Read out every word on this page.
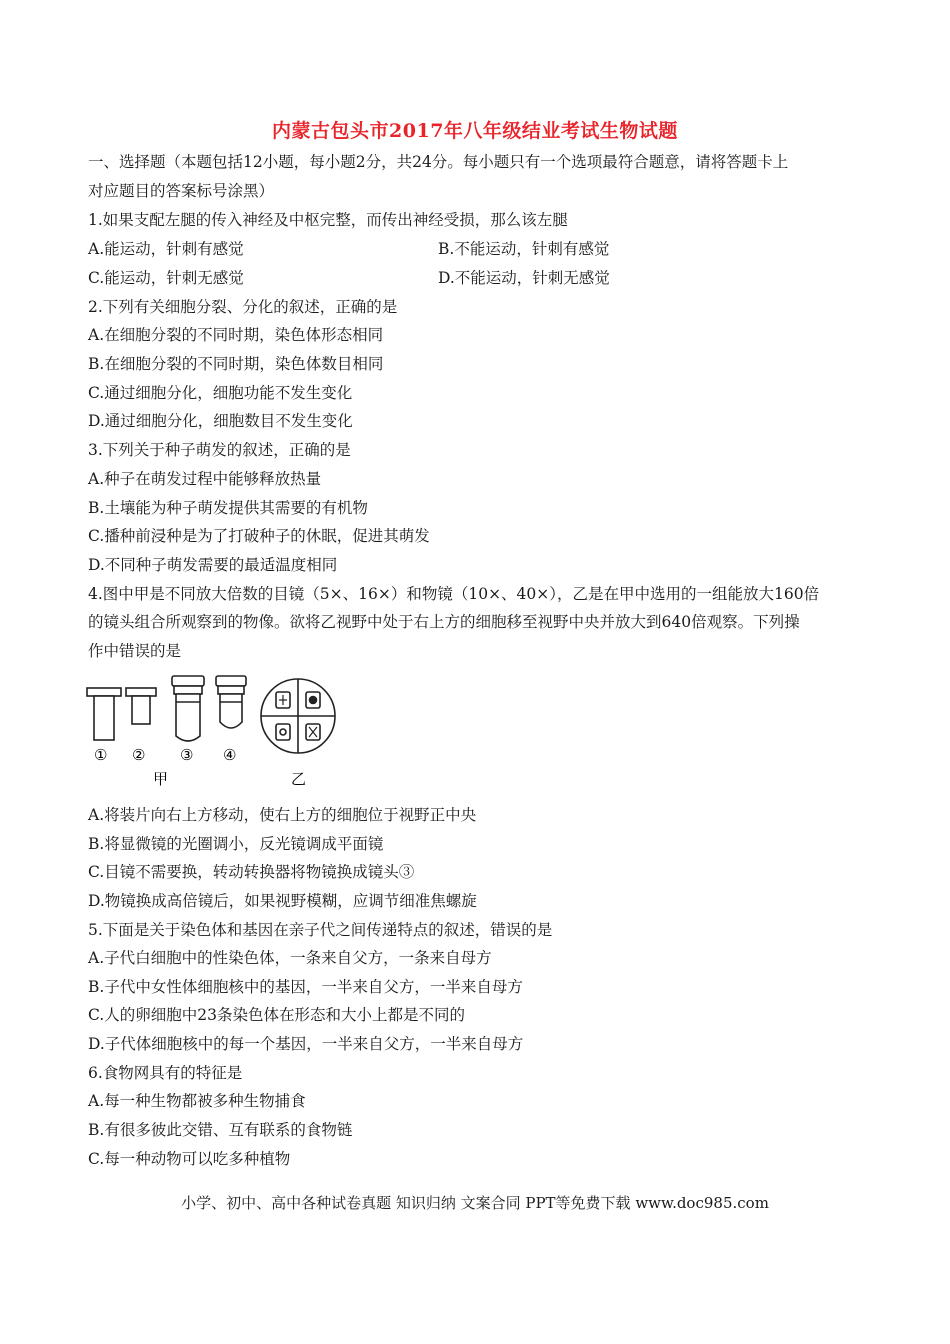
内蒙古包头市2017年八年级结业考试生物试题
一、选择题（本题包括12小题，每小题2分，共24分。每小题只有一个选项最符合题意，请将答题卡上
对应题目的答案标号涂黑）
1.如果支配左腿的传入神经及中枢完整，而传出神经受损，那么该左腿
A.能运动，针刺有感觉	B.不能运动，针刺有感觉
C.能运动，针刺无感觉	D.不能运动，针刺无感觉
2.下列有关细胞分裂、分化的叙述，正确的是
A.在细胞分裂的不同时期，染色体形态相同
B.在细胞分裂的不同时期，染色体数目相同
C.通过细胞分化，细胞功能不发生变化
D.通过细胞分化，细胞数目不发生变化
3.下列关于种子萌发的叙述，正确的是
A.种子在萌发过程中能够释放热量
B.土壤能为种子萌发提供其需要的有机物
C.播种前浸种是为了打破种子的休眠，促进其萌发
D.不同种子萌发需要的最适温度相同
4.图中甲是不同放大倍数的目镜（5×、16×）和物镜（10×、40×），乙是在甲中选用的一组能放大160倍
的镜头组合所观察到的物像。欲将乙视野中处于右上方的细胞移至视野中央并放大到640倍观察。下列操
作中错误的是
① ② ③ ④
甲	乙
A.将装片向右上方移动，使右上方的细胞位于视野正中央
B.将显微镜的光圈调小，反光镜调成平面镜
C.目镜不需要换，转动转换器将物镜换成镜头③
D.物镜换成高倍镜后，如果视野模糊，应调节细准焦螺旋
5.下面是关于染色体和基因在亲子代之间传递特点的叙述，错误的是
A.子代白细胞中的性染色体，一条来自父方，一条来自母方
B.子代中女性体细胞核中的基因，一半来自父方，一半来自母方
C.人的卵细胞中23条染色体在形态和大小上都是不同的
D.子代体细胞核中的每一个基因，一半来自父方，一半来自母方
6.食物网具有的特征是
A.每一种生物都被多种生物捕食
B.有很多彼此交错、互有联系的食物链
C.每一种动物可以吃多种植物
小学、初中、高中各种试卷真题 知识归纳 文案合同 PPT等免费下载 www.doc985.com
